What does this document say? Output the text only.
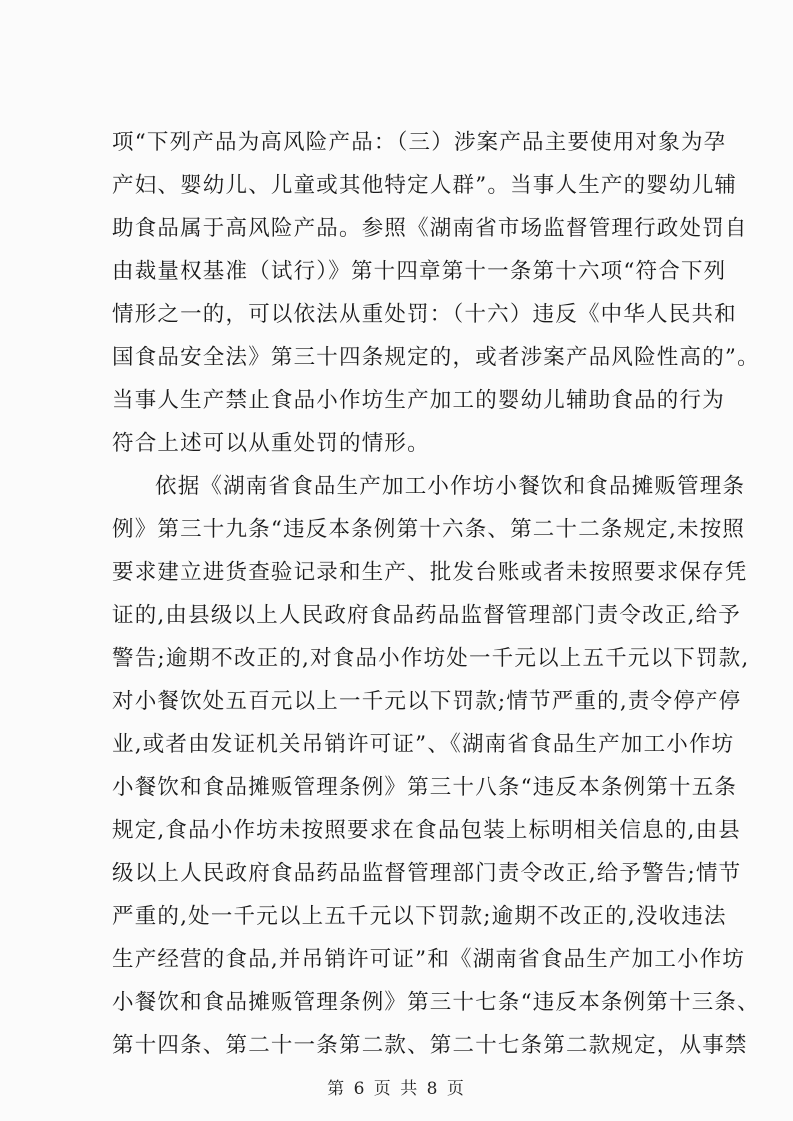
项“下列产品为高风险产品：（三）涉案产品主要使用对象为孕
产妇、婴幼儿、儿童或其他特定人群”。当事人生产的婴幼儿辅
助食品属于高风险产品。参照《湖南省市场监督管理行政处罚自
由裁量权基准（试行）》第十四章第十一条第十六项“符合下列
情形之一的，可以依法从重处罚：（十六）违反《中华人民共和
国食品安全法》第三十四条规定的，或者涉案产品风险性高的”。
当事人生产禁止食品小作坊生产加工的婴幼儿辅助食品的行为
符合上述可以从重处罚的情形。
依据《湖南省食品生产加工小作坊小餐饮和食品摊贩管理条
例》第三十九条“违反本条例第十六条、第二十二条规定,未按照
要求建立进货查验记录和生产、批发台账或者未按照要求保存凭
证的,由县级以上人民政府食品药品监督管理部门责令改正,给予
警告;逾期不改正的,对食品小作坊处一千元以上五千元以下罚款,
对小餐饮处五百元以上一千元以下罚款;情节严重的,责令停产停
业,或者由发证机关吊销许可证”、《湖南省食品生产加工小作坊
小餐饮和食品摊贩管理条例》第三十八条“违反本条例第十五条
规定,食品小作坊未按照要求在食品包装上标明相关信息的,由县
级以上人民政府食品药品监督管理部门责令改正,给予警告;情节
严重的,处一千元以上五千元以下罚款;逾期不改正的,没收违法
生产经营的食品,并吊销许可证”和《湖南省食品生产加工小作坊
小餐饮和食品摊贩管理条例》第三十七条“违反本条例第十三条、
第十四条、第二十一条第二款、第二十七条第二款规定，从事禁
第 6 页 共 8 页
